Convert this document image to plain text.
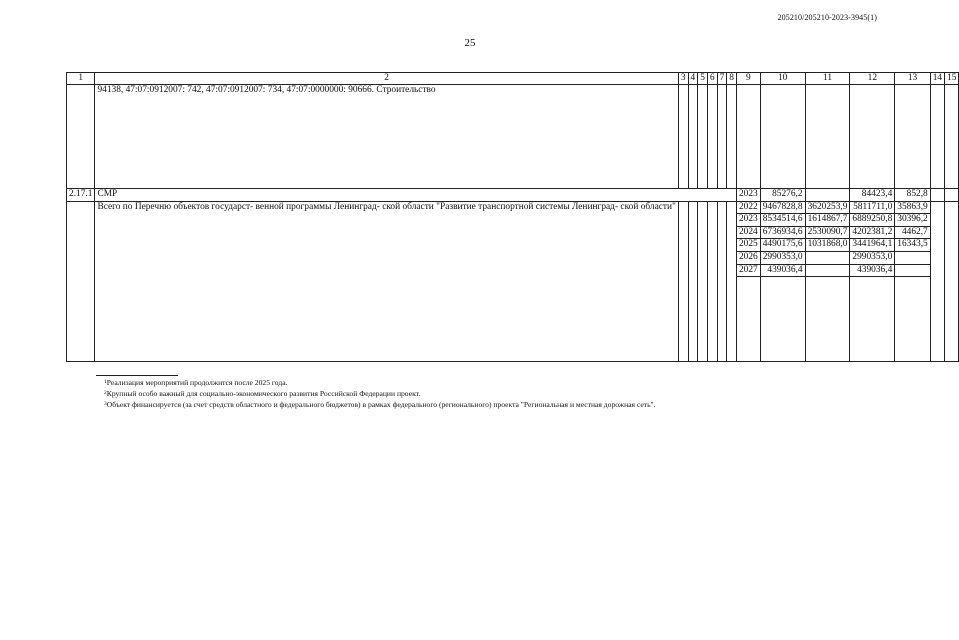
205210/205210-2023-3945(1)
25
1	2	3	4	5	6	7	8	9	10	11	12	13	14	15
	94138, 47:07:0912007: 742, 47:07:0912007: 734, 47:07:0000000: 90666. Строительство													
2.17.1	СМР							2023	85276,2		84423,4	852,8		
	Всего по Перечню объектов государст- венной программы Ленинград- ской области "Развитие транспортной системы Ленинград- ской области"							2022	9467828,8	3620253,9	5811711,0	35863,9		
								2023	8534514,6	1614867,7	6889250,8	30396,2		
								2024	6736934,6	2530090,7	4202381,2	4462,7		
								2025	4490175,6	1031868,0	3441964,1	16343,5		
								2026	2990353,0		2990353,0			
								2027	439036,4		439036,4			

$^1$Реализация мероприятий продолжится после 2025 года.
$^2$Крупный особо важный для социально-экономического развития Российской Федерации проект.
$^3$Объект финансируется (за счет средств областного и федерального бюджетов) в рамках федерального (регионального) проекта "Региональная и местная дорожная сеть".
